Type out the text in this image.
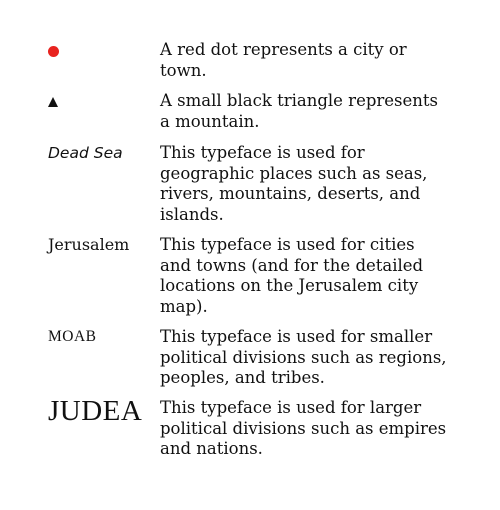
A red dot represents a city or town.
A small black triangle represents a mountain.
Dead Sea This typeface is used for geographic places such as seas, rivers, mountains, deserts, and islands.
Jerusalem This typeface is used for cities and towns (and for the detailed locations on the Jerusalem city map).
MOAB	This typeface is used for smaller political divisions such as regions, peoples, and tribes.
JUDEA This typeface is used for larger political divisions such as empires and nations.
